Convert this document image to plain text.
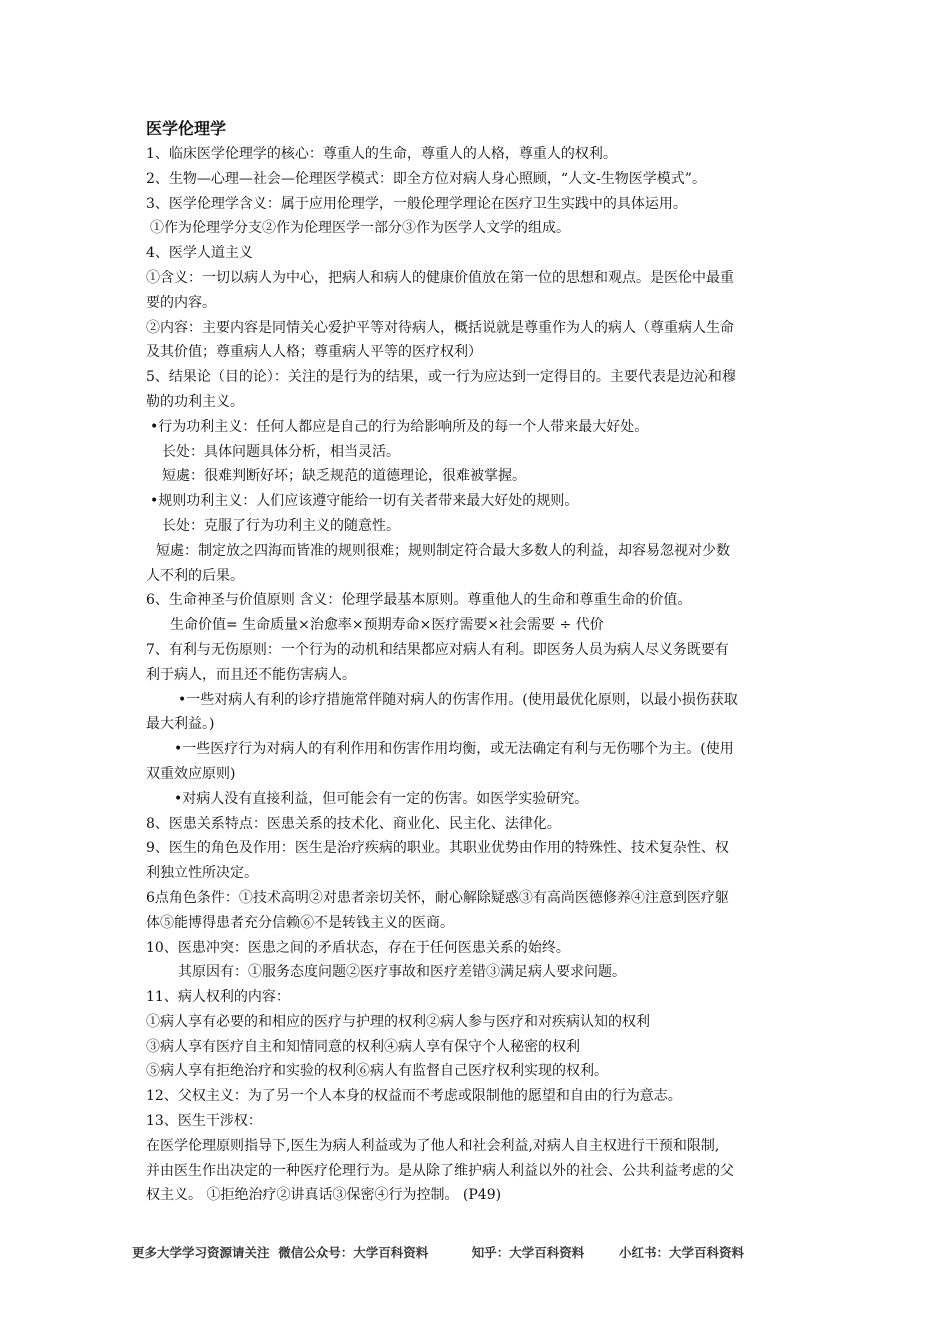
医学伦理学
1、临床医学伦理学的核心：尊重人的生命，尊重人的人格，尊重人的权利。
2、生物—心理—社会—伦理医学模式：即全方位对病人身心照顾，“人文-生物医学模式”。
3、医学伦理学含义：属于应用伦理学，一般伦理学理论在医疗卫生实践中的具体运用。
①作为伦理学分支②作为伦理医学一部分③作为医学人文学的组成。
4、医学人道主义
①含义：一切以病人为中心，把病人和病人的健康价值放在第一位的思想和观点。是医伦中最重
要的内容。
②内容：主要内容是同情关心爱护平等对待病人，概括说就是尊重作为人的病人（尊重病人生命
及其价值；尊重病人人格；尊重病人平等的医疗权利）
5、结果论（目的论）：关注的是行为的结果，或一行为应达到一定得目的。主要代表是边沁和穆
勒的功利主义。
•行为功利主义：任何人都应是自己的行为给影响所及的每一个人带来最大好处。
长处：具体问题具体分析，相当灵活。
短處：很难判断好坏；缺乏规范的道德理论，很难被掌握。
•规则功利主义：人们应该遵守能给一切有关者带来最大好处的规则。
长处：克服了行为功利主义的随意性。
短處：制定放之四海而皆准的规则很难；规则制定符合最大多数人的利益，却容易忽视对少数
人不利的后果。
6、生命神圣与价值原则 含义：伦理学最基本原则。尊重他人的生命和尊重生命的价值。
生命价值= 生命质量×治愈率×预期寿命×医疗需要×社会需要 ÷ 代价
7、有利与无伤原则：一个行为的动机和结果都应对病人有利。即医务人员为病人尽义务既要有
利于病人，而且还不能伤害病人。
•一些对病人有利的诊疗措施常伴随对病人的伤害作用。(使用最优化原则，以最小损伤获取
最大利益。)
•一些医疗行为对病人的有利作用和伤害作用均衡，或无法确定有利与无伤哪个为主。(使用
双重效应原则)
•对病人没有直接利益，但可能会有一定的伤害。如医学实验研究。
8、医患关系特点：医患关系的技术化、商业化、民主化、法律化。
9、医生的角色及作用：医生是治疗疾病的职业。其职业优势由作用的特殊性、技术复杂性、权
利独立性所决定。
6点角色条件：①技术高明②对患者亲切关怀，耐心解除疑惑③有高尚医德修养④注意到医疗躯
体⑤能博得患者充分信赖⑥不是转钱主义的医商。
10、医患冲突：医患之间的矛盾状态，存在于任何医患关系的始终。
其原因有：①服务态度问题②医疗事故和医疗差错③满足病人要求问题。
11、病人权利的内容：
①病人享有必要的和相应的医疗与护理的权利②病人参与医疗和对疾病认知的权利
③病人享有医疗自主和知情同意的权利④病人享有保守个人秘密的权利
⑤病人享有拒绝治疗和实验的权利⑥病人有监督自己医疗权利实现的权利。
12、父权主义：为了另一个人本身的权益而不考虑或限制他的愿望和自由的行为意志。
13、医生干涉权：
在医学伦理原则指导下,医生为病人利益或为了他人和社会利益,对病人自主权进行干预和限制,
并由医生作出决定的一种医疗伦理行为。是从除了维护病人利益以外的社会、公共利益考虑的父
权主义。 ①拒绝治疗②讲真话③保密④行为控制。 (P49)
更多大学学习资源请关注  微信公众号：大学百科资料          知乎：大学百科资料        小红书：大学百科资料
